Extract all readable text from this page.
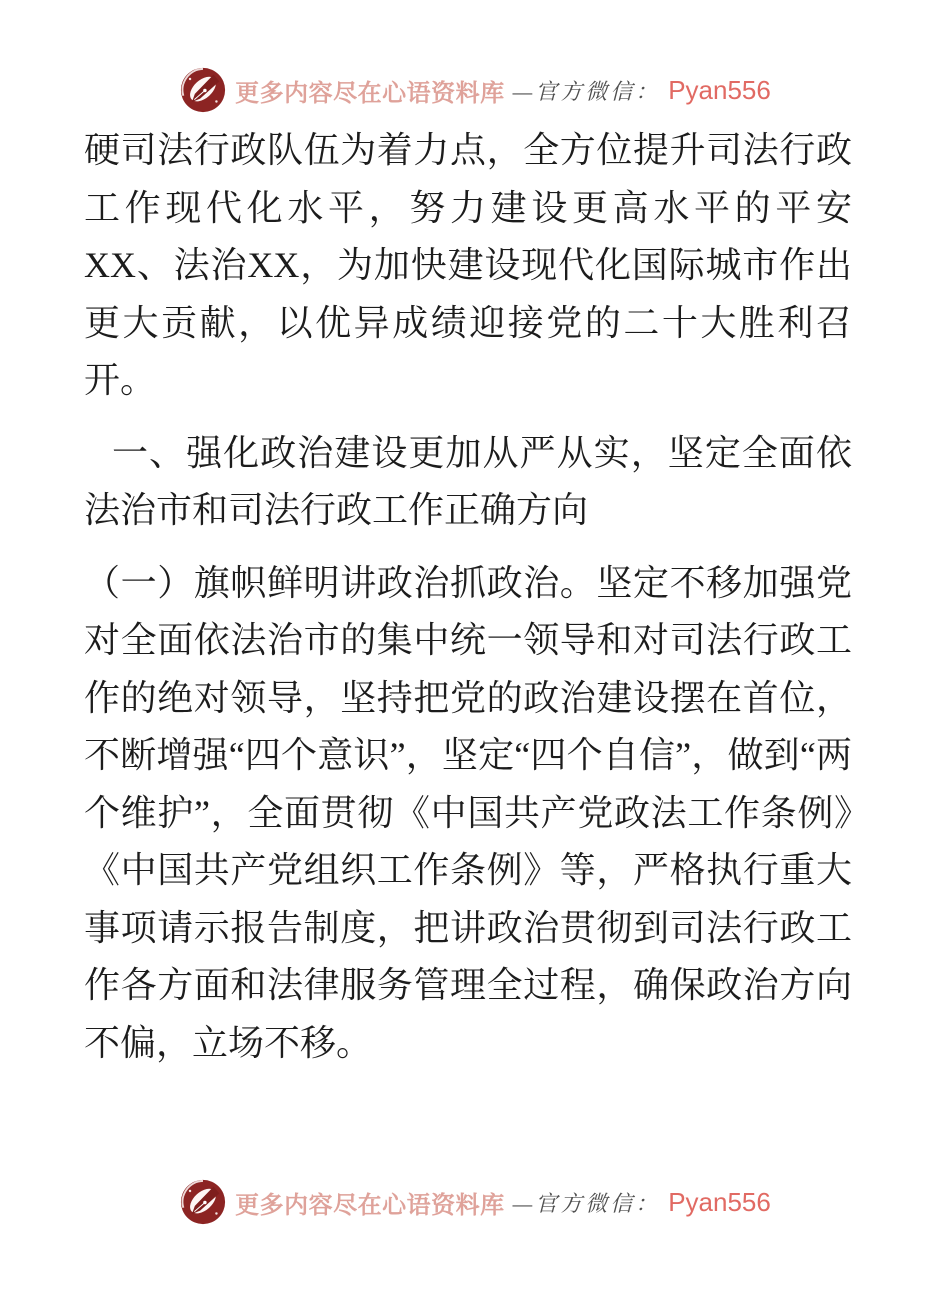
更多内容尽在心语资料库 —官方微信： Pyan556

硬司法行政队伍为着力点，全方位提升司法行政工作现代化水平，努力建设更高水平的平安XX、法治XX，为加快建设现代化国际城市作出更大贡献，以优异成绩迎接党的二十大胜利召开。

一、强化政治建设更加从严从实，坚定全面依法治市和司法行政工作正确方向

（一）旗帜鲜明讲政治抓政治。坚定不移加强党对全面依法治市的集中统一领导和对司法行政工作的绝对领导，坚持把党的政治建设摆在首位，不断增强“四个意识”，坚定“四个自信”，做到“两个维护”，全面贯彻《中国共产党政法工作条例》《中国共产党组织工作条例》等，严格执行重大事项请示报告制度，把讲政治贯彻到司法行政工作各方面和法律服务管理全过程，确保政治方向不偏，立场不移。

更多内容尽在心语资料库 —官方微信： Pyan556
